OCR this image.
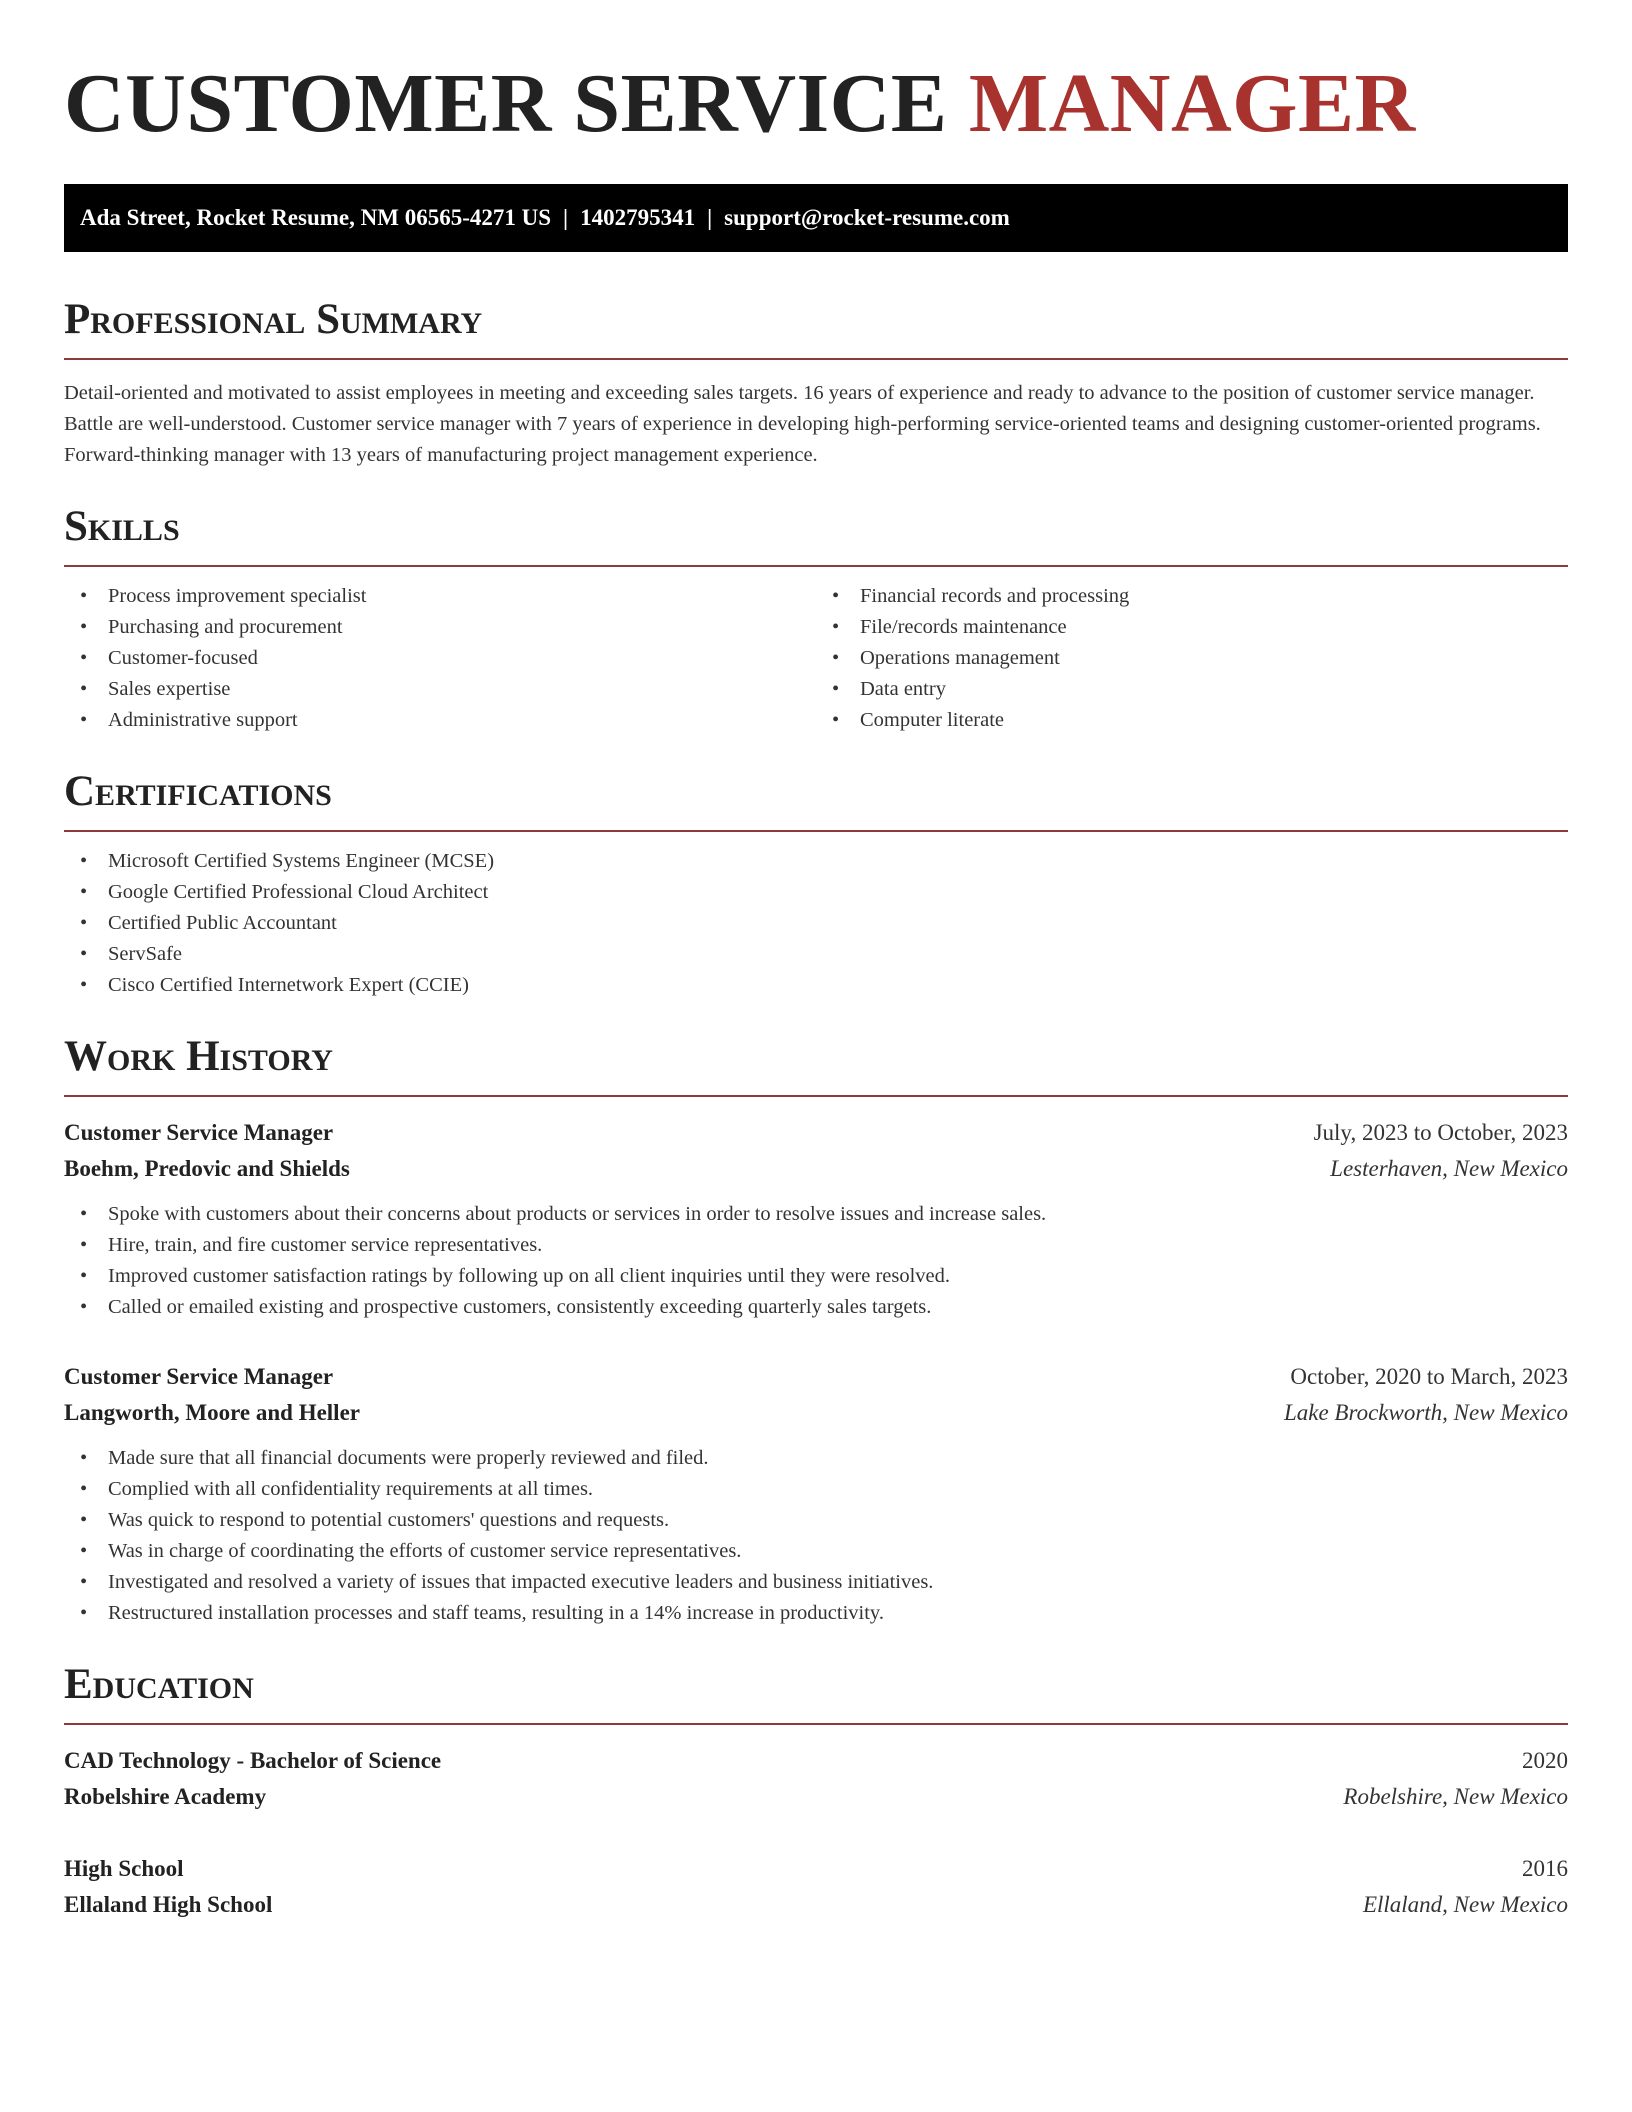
CUSTOMER SERVICE MANAGER
Ada Street, Rocket Resume, NM 06565-4271 US | 1402795341 | support@rocket-resume.com
Professional Summary

Detail-oriented and motivated to assist employees in meeting and exceeding sales targets. 16 years of experience and ready to advance to the position of customer service manager. Battle are well-understood. Customer service manager with 7 years of experience in developing high-performing service-oriented teams and designing customer-oriented programs. Forward-thinking manager with 13 years of manufacturing project management experience.

Skills
• Process improvement specialist
• Purchasing and procurement
• Customer-focused
• Sales expertise
• Administrative support
• Financial records and processing
• File/records maintenance
• Operations management
• Data entry
• Computer literate
Certifications
• Microsoft Certified Systems Engineer (MCSE)
• Google Certified Professional Cloud Architect
• Certified Public Accountant
• ServSafe
• Cisco Certified Internetwork Expert (CCIE)
Work History
Customer Service Manager	July, 2023 to October, 2023
Boehm, Predovic and Shields	Lesterhaven, New Mexico
• Spoke with customers about their concerns about products or services in order to resolve issues and increase sales.
• Hire, train, and fire customer service representatives.
• Improved customer satisfaction ratings by following up on all client inquiries until they were resolved.
• Called or emailed existing and prospective customers, consistently exceeding quarterly sales targets.
Customer Service Manager	October, 2020 to March, 2023
Langworth, Moore and Heller	Lake Brockworth, New Mexico
• Made sure that all financial documents were properly reviewed and filed.
• Complied with all confidentiality requirements at all times.
• Was quick to respond to potential customers' questions and requests.
• Was in charge of coordinating the efforts of customer service representatives.
• Investigated and resolved a variety of issues that impacted executive leaders and business initiatives.
• Restructured installation processes and staff teams, resulting in a 14% increase in productivity.
Education
CAD Technology - Bachelor of Science	2020
Robelshire Academy	Robelshire, New Mexico
High School	2016
Ellaland High School	Ellaland, New Mexico
